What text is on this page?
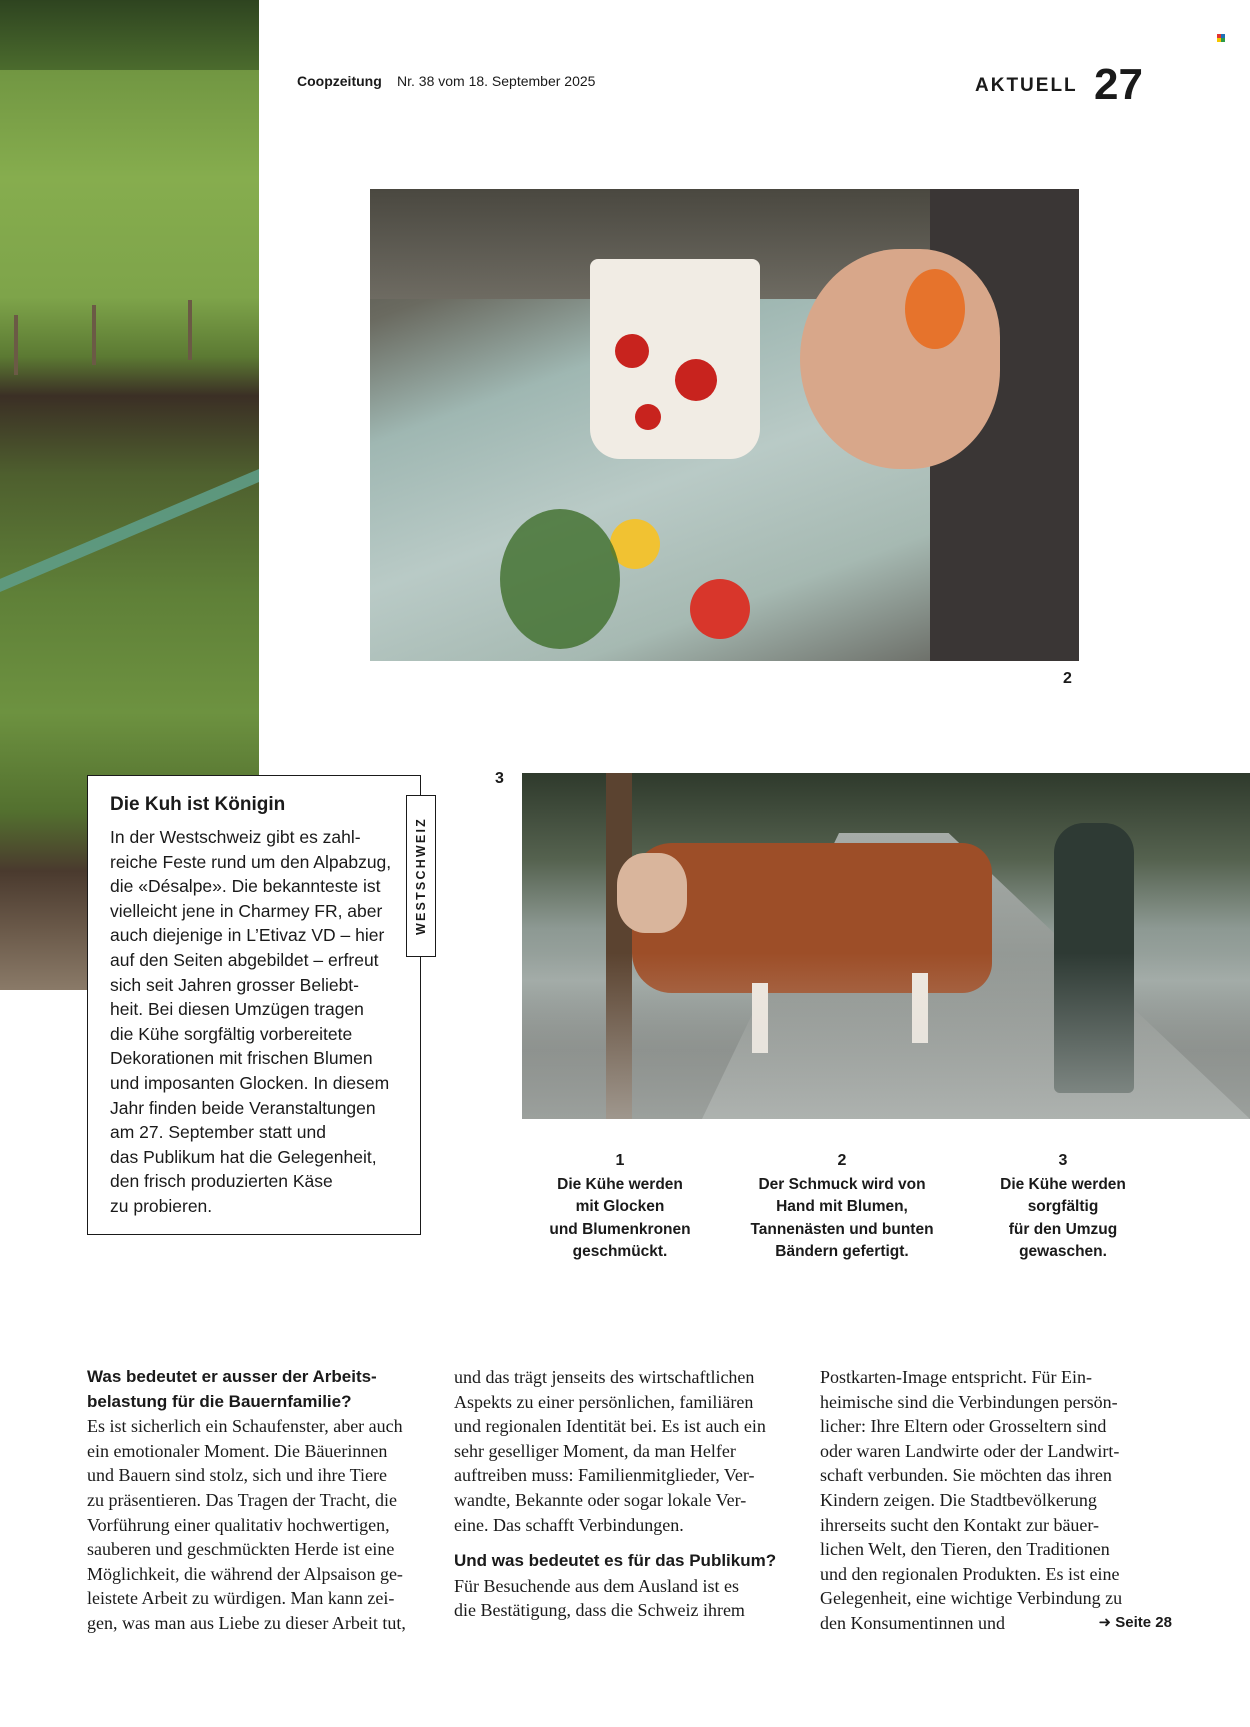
Coopzeitung Nr. 38 vom 18. September 2025	AKTUELL 27
2
3
Die Kuh ist Königin
In der Westschweiz gibt es zahl-
reiche Feste rund um den Alpabzug,
die «Désalpe». Die bekannteste ist
vielleicht jene in Charmey FR, aber
auch diejenige in L’Etivaz VD – hier
auf den Seiten abgebildet – erfreut
sich seit Jahren grosser Beliebt-
heit. Bei diesen Umzügen tragen
die Kühe sorgfältig vorbereitete
Dekorationen mit frischen Blumen
und imposanten Glocken. In diesem
Jahr finden beide Veranstaltungen
am 27. September statt und
das Publikum hat die Gelegenheit,
den frisch produzierten Käse
zu probieren.
WESTSCHWEIZ
1
Die Kühe werden
mit Glocken
und Blumenkronen
geschmückt.
2
Der Schmuck wird von
Hand mit Blumen,
Tannenästen und bunten
Bändern gefertigt.
3
Die Kühe werden
sorgfältig
für den Umzug
gewaschen.
Was bedeutet er ausser der Arbeits-
belastung für die Bauernfamilie?
Es ist sicherlich ein Schaufenster, aber auch
ein emotionaler Moment. Die Bäuerinnen
und Bauern sind stolz, sich und ihre Tiere
zu präsentieren. Das Tragen der Tracht, die
Vorführung einer qualitativ hochwertigen,
sauberen und geschmückten Herde ist eine
Möglichkeit, die während der Alpsaison ge-
leistete Arbeit zu würdigen. Man kann zei-
gen, was man aus Liebe zu dieser Arbeit tut,
und das trägt jenseits des wirtschaftlichen
Aspekts zu einer persönlichen, familiären
und regionalen Identität bei. Es ist auch ein
sehr geselliger Moment, da man Helfer
auftreiben muss: Familienmitglieder, Ver-
wandte, Bekannte oder sogar lokale Ver-
eine. Das schafft Verbindungen.
Und was bedeutet es für das Publikum?
Für Besuchende aus dem Ausland ist es
die Bestätigung, dass die Schweiz ihrem
Postkarten-Image entspricht. Für Ein-
heimische sind die Verbindungen persön-
licher: Ihre Eltern oder Grosseltern sind
oder waren Landwirte oder der Landwirt-
schaft verbunden. Sie möchten das ihren
Kindern zeigen. Die Stadtbevölkerung
ihrerseits sucht den Kontakt zur bäuer-
lichen Welt, den Tieren, den Traditionen
und den regionalen Produkten. Es ist eine
Gelegenheit, eine wichtige Verbindung zu
den Konsumentinnen und	➜ Seite 28
